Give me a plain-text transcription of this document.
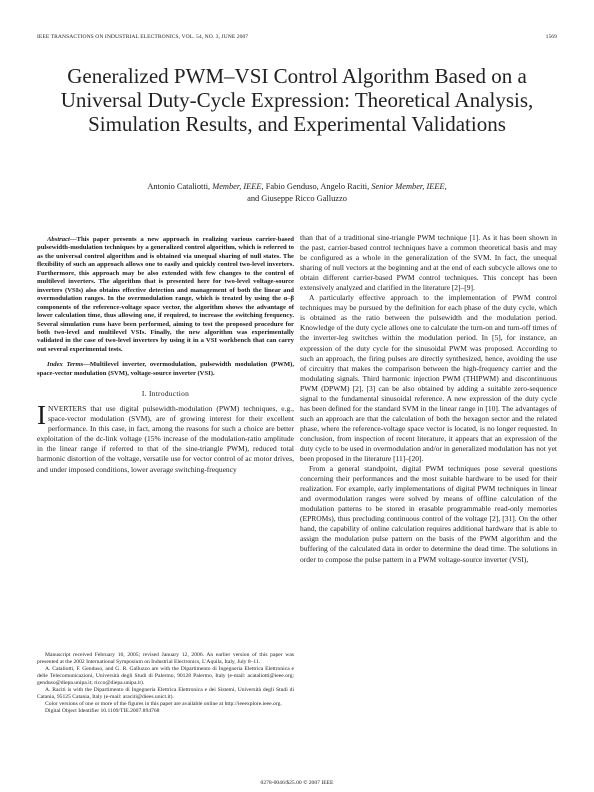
IEEE TRANSACTIONS ON INDUSTRIAL ELECTRONICS, VOL. 54, NO. 3, JUNE 2007	1569
Generalized PWM–VSI Control Algorithm Based on a Universal Duty-Cycle Expression: Theoretical Analysis, Simulation Results, and Experimental Validations
Antonio Cataliotti, Member, IEEE, Fabio Genduso, Angelo Raciti, Senior Member, IEEE,
and Giuseppe Ricco Galluzzo

Abstract—This paper presents a new approach in realizing various carrier-based pulsewidth-modulation techniques by a generalized control algorithm, which is referred to as the universal control algorithm and is obtained via unequal sharing of null states. The flexibility of such an approach allows one to easily and quickly control two-level inverters. Furthermore, this approach may be also extended with few changes to the control of multilevel inverters. The algorithm that is presented here for two-level voltage-source inverters (VSIs) also obtains effective detection and management of both the linear and overmodulation ranges. In the overmodulation range, which is treated by using the α–β components of the reference-voltage space vector, the algorithm shows the advantage of lower calculation time, thus allowing one, if required, to increase the switching frequency. Several simulation runs have been performed, aiming to test the proposed procedure for both two-level and multilevel VSIs. Finally, the new algorithm was experimentally validated in the case of two-level inverters by using it in a VSI workbench that can carry out several experimental tests.

Index Terms—Multilevel inverter, overmodulation, pulsewidth modulation (PWM), space-vector modulation (SVM), voltage-source inverter (VSI).

I. Introduction

INVERTERS that use digital pulsewidth-modulation (PWM) techniques, e.g., space-vector modulation (SVM), are of growing interest for their excellent performance. In this case, in fact, among the reasons for such a choice are better exploitation of the dc-link voltage (15% increase of the modulation-ratio amplitude in the linear range if referred to that of the sine-triangle PWM), reduced total harmonic distortion of the voltage, versatile use for vector control of ac motor drives, and under imposed conditions, lower average switching-frequency

Manuscript received February 10, 2005; revised January 12, 2006. An earlier version of this paper was presented at the 2002 International Symposium on Industrial Electronics, L'Aquila, Italy, July 8–11.

A. Cataliotti, F. Genduso, and G. R. Galluzzo are with the Dipartimento di Ingegneria Elettrica Elettronica e delle Telecomunicazioni, Università degli Studi di Palermo, 90128 Palermo, Italy (e-mail: acataliotti@ieee.org; genduso@diepa.unipa.it; ricco@diepa.unipa.it).

A. Raciti is with the Dipartimento di Ingegneria Elettrica Elettronica e dei Sistemi, Università degli Studi di Catania, 95125 Catania, Italy (e-mail: araciti@diees.unict.it).

Color versions of one or more of the figures in this paper are available online at http://ieeexplore.ieee.org.

Digital Object Identifier 10.1109/TIE.2007.894768

than that of a traditional sine-triangle PWM technique [1]. As it has been shown in the past, carrier-based control techniques have a common theoretical basis and may be configured as a whole in the generalization of the SVM. In fact, the unequal sharing of null vectors at the beginning and at the end of each subcycle allows one to obtain different carrier-based PWM control techniques. This concept has been extensively analyzed and clarified in the literature [2]–[9].

A particularly effective approach to the implementation of PWM control techniques may be pursued by the definition for each phase of the duty cycle, which is obtained as the ratio between the pulsewidth and the modulation period. Knowledge of the duty cycle allows one to calculate the turn-on and turn-off times of the inverter-leg switches within the modulation period. In [5], for instance, an expression of the duty cycle for the sinusoidal PWM was proposed. According to such an approach, the firing pulses are directly synthesized, hence, avoiding the use of circuitry that makes the comparison between the high-frequency carrier and the modulating signals. Third harmonic injection PWM (THIPWM) and discontinuous PWM (DPWM) [2], [3] can be also obtained by adding a suitable zero-sequence signal to the fundamental sinusoidal reference. A new expression of the duty cycle has been defined for the standard SVM in the linear range in [10]. The advantages of such an approach are that the calculation of both the hexagon sector and the related phase, where the reference-voltage space vector is located, is no longer requested. In conclusion, from inspection of recent literature, it appears that an expression of the duty cycle to be used in overmodulation and/or in generalized modulation has not yet been proposed in the literature [11]–[20].

From a general standpoint, digital PWM techniques pose several questions concerning their performances and the most suitable hardware to be used for their realization. For example, early implementations of digital PWM techniques in linear and overmodulation ranges were solved by means of offline calculation of the modulation patterns to be stored in erasable programmable read-only memories (EPROMs), thus precluding continuous control of the voltage [2], [31]. On the other hand, the capability of online calculation requires additional hardware that is able to assign the modulation pulse pattern on the basis of the PWM algorithm and the buffering of the calculated data in order to determine the dead time. The solutions in order to compose the pulse pattern in a PWM voltage-source inverter (VSI),

0278-0046/$25.00 © 2007 IEEE
